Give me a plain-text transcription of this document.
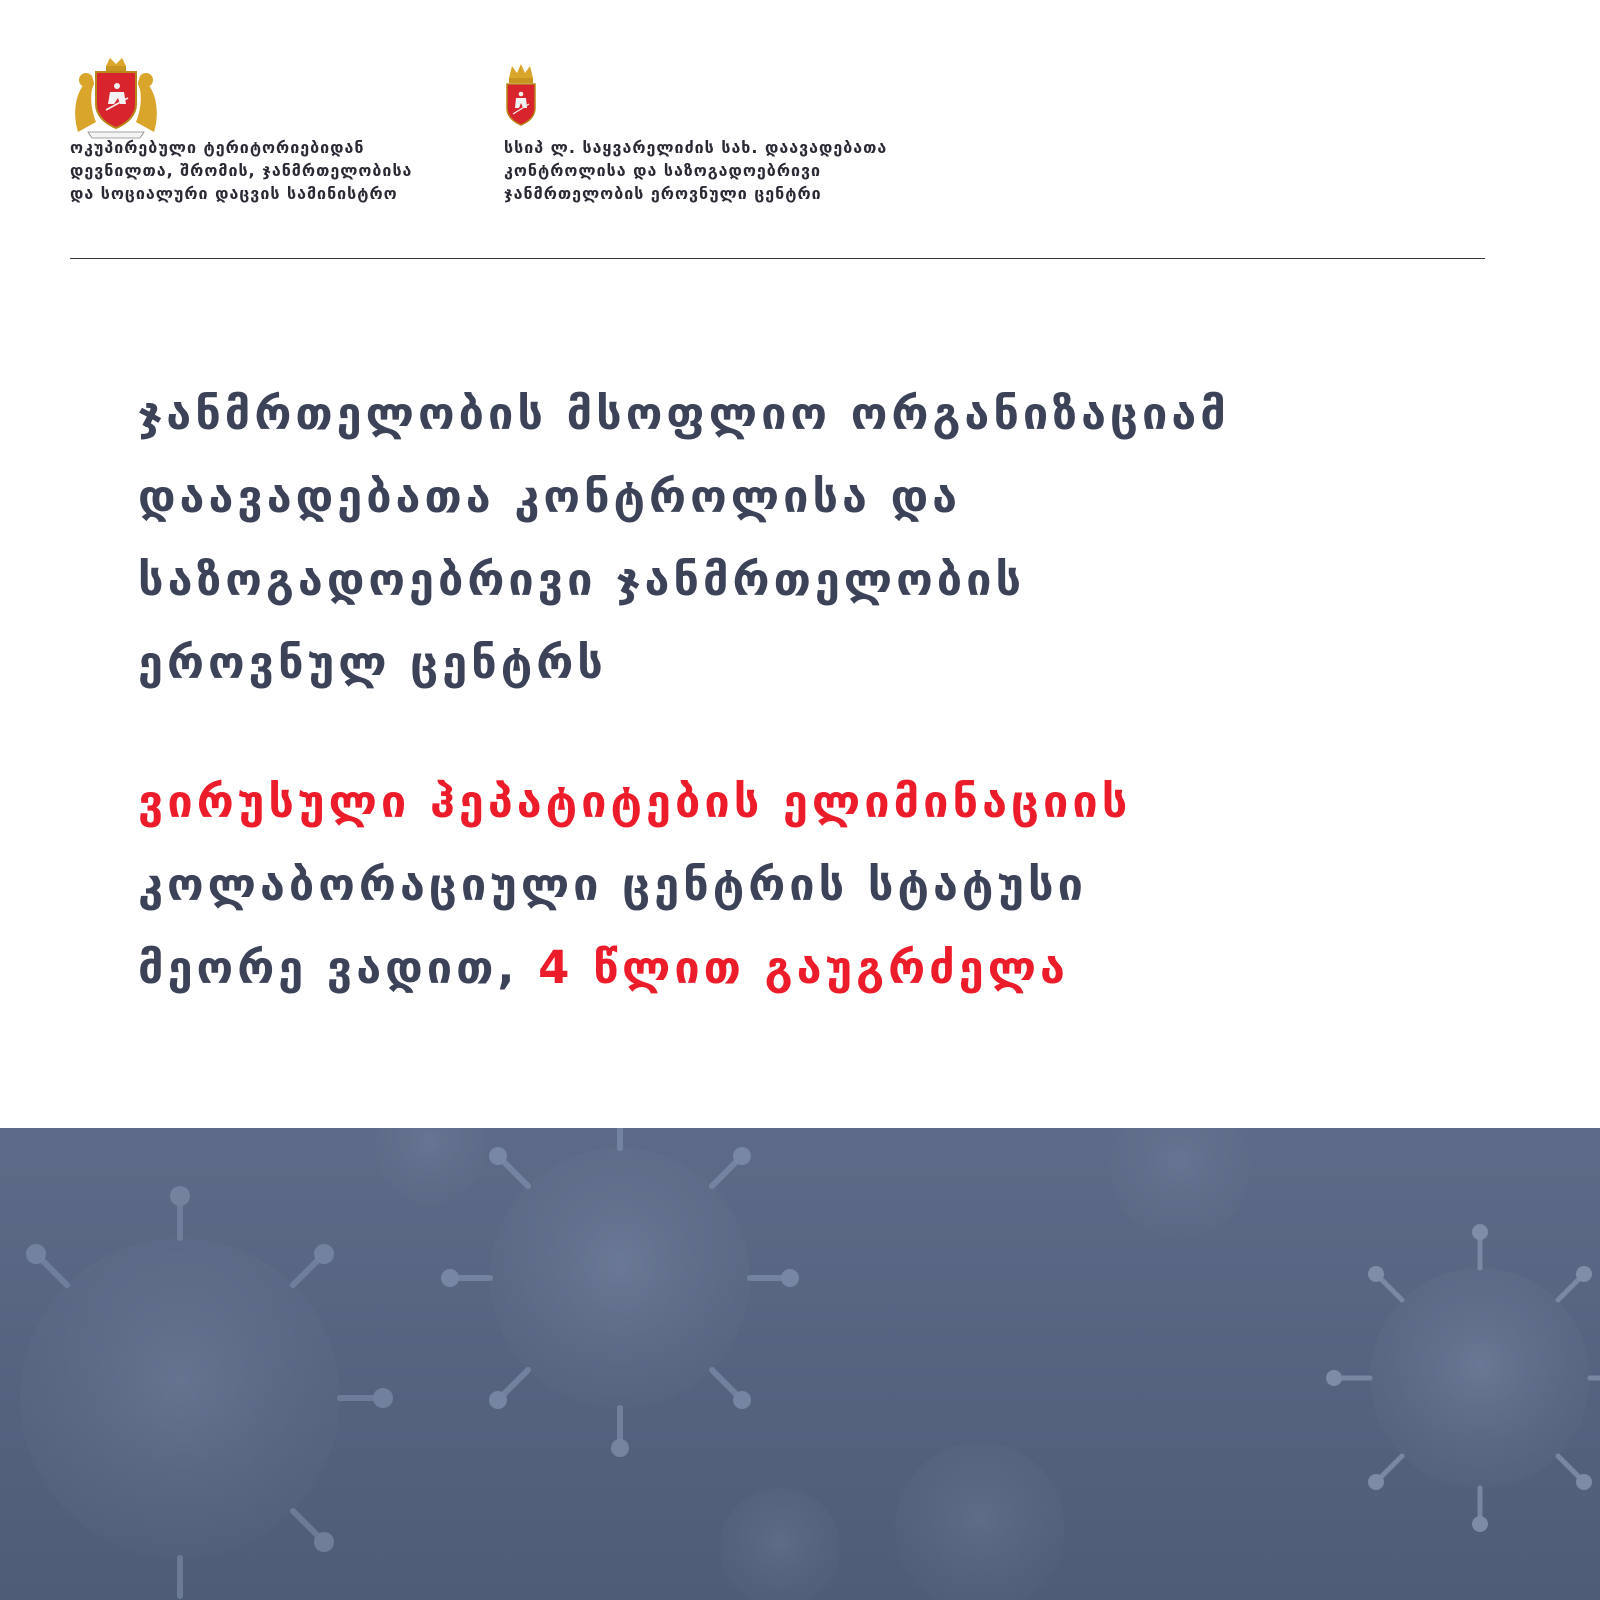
ოკუპირებული ტერიტორიებიდან
დევნილთა, შრომის, ჯანმრთელობისა
და სოციალური დაცვის სამინისტრო
სსიპ ლ. საყვარელიძის სახ. დაავადებათა
კონტროლისა და საზოგადოებრივი
ჯანმრთელობის ეროვნული ცენტრი
ჯანმრთელობის მსოფლიო ორგანიზაციამ
დაავადებათა კონტროლისა და
საზოგადოებრივი ჯანმრთელობის
ეროვნულ ცენტრს
ვირუსული ჰეპატიტების ელიმინაციის
კოლაბორაციული ცენტრის სტატუსი
მეორე ვადით, 4 წლით გაუგრძელა
